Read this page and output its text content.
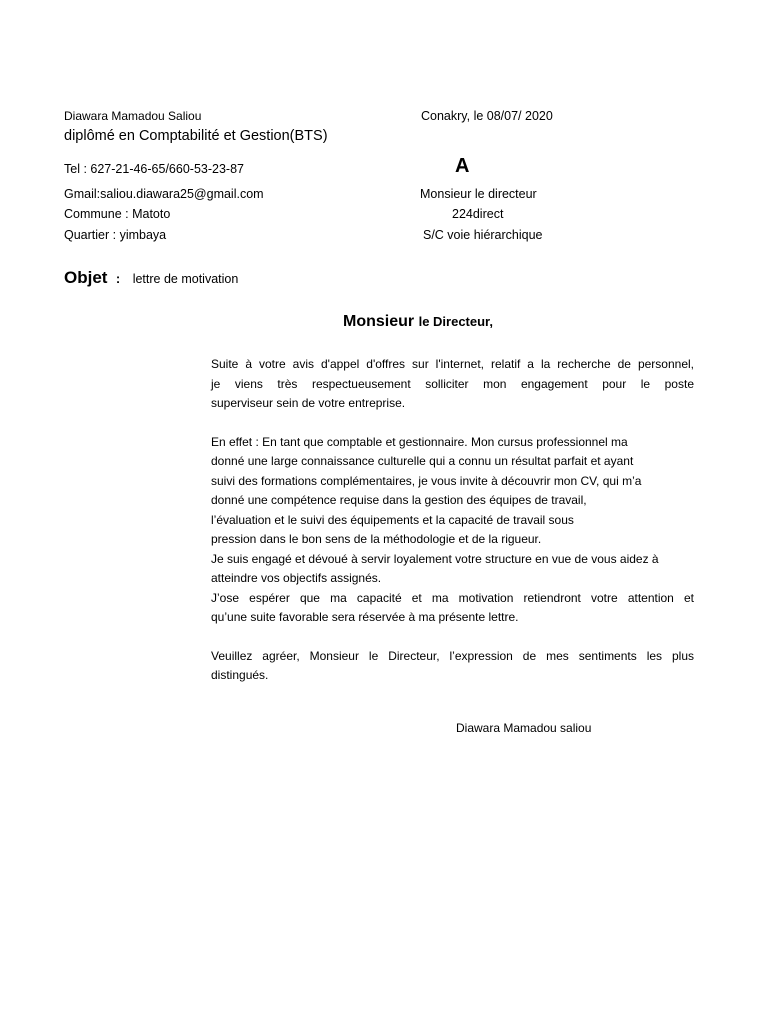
Diawara Mamadou Saliou
diplômé en Comptabilité et Gestion(BTS)
Tel : 627-21-46-65/660-53-23-87
Gmail:saliou.diawara25@gmail.com
Commune : Matoto
Quartier : yimbaya
Conakry, le 08/07/ 2020
A
Monsieur le directeur
224direct
S/C voie hiérarchique
Objet : lettre de motivation
Monsieur le Directeur,

Suite à votre avis d'appel d'offres sur l'internet, relatif a la recherche de personnel,

je viens très respectueusement solliciter mon engagement pour le poste

superviseur sein de votre entreprise.

En effet : En tant que comptable et gestionnaire. Mon cursus professionnel ma

donné une large connaissance culturelle qui a connu un résultat parfait et ayant

suivi des formations complémentaires, je vous invite à découvrir mon CV, qui m’a

donné une compétence requise dans la gestion des équipes de travail,

l’évaluation et le suivi des équipements et la capacité de travail sous

pression dans le bon sens de la méthodologie et de la rigueur.

Je suis engagé et dévoué à servir loyalement votre structure en vue de vous aidez à

atteindre vos objectifs assignés.

J’ose espérer que ma capacité et ma motivation retiendront votre attention et

qu’une suite favorable sera réservée à ma présente lettre.

Veuillez agréer, Monsieur le Directeur, l’expression de mes sentiments les plus

distingués.

Diawara Mamadou saliou
